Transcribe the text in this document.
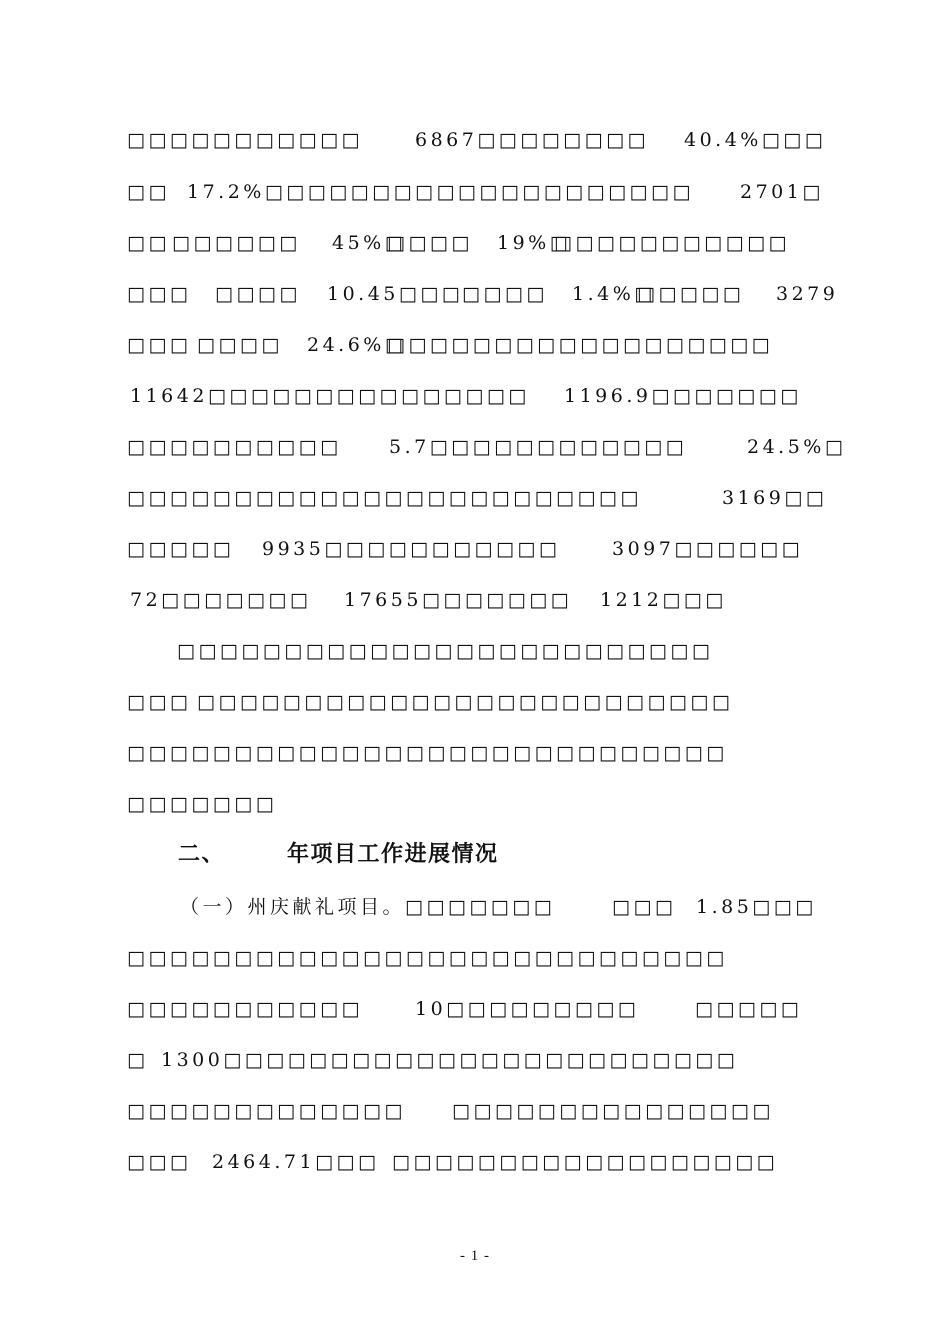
□□□□□□□□□□□	6867□□□□□□□□ 40.4%□□□
□□ 17.2%□□□□□□□□□□□□□□□□□□□□ 2701□
□□ □□□□□□ 45%□
□□□□ 19%□
□□□□□□□□□□□
□□□ □□□□ 10.45□□□
□□□□ 1.4%□
□□□□□ 3279
□□□ □□□□ 24.6%□
□□□□□□□□□□□□□□□□□□
11642□□□□□□□□□□□□□□□ 1196.9□□□□□□□
□□□□□□□□□□ 5.7□□□□□□□□□□□□	24.5%□
□□□□□□□□□□□□□□□□□□□□□□□□	3169□□
□□□□□ 9935□□□□□□□□□□□	3097□□□□□□
72□□□□□□□ 17655□□□□□□□ 1212□□□
□□□□□□□□□□□□□□□□□□□□□□□□□
□□□ □□□□□□□□□□□□□□□□□□□□□□□□□
□□□□□□□□□□□□□□□□□□□□□□□□□□□□
□□□□□□□
二、	年项目工作进展情况
（一）州庆献礼项目。□□□□□□□	□□□ 1.85□□□
□□□□□□□□□□□□□□□□□□□□□□□□□□□□
□□□□□□□□□□□	10□□□□□□□□□	□□□□□
□ 1300□□□□□□□□□□□□□□□□□□□□□□□□
□□□□□□□□□□□□□ □□□□□□□□□□□□□□□
□□□ 2464.71□□□ □□□□□□□□□□□□□□□□□□
- 1 -
